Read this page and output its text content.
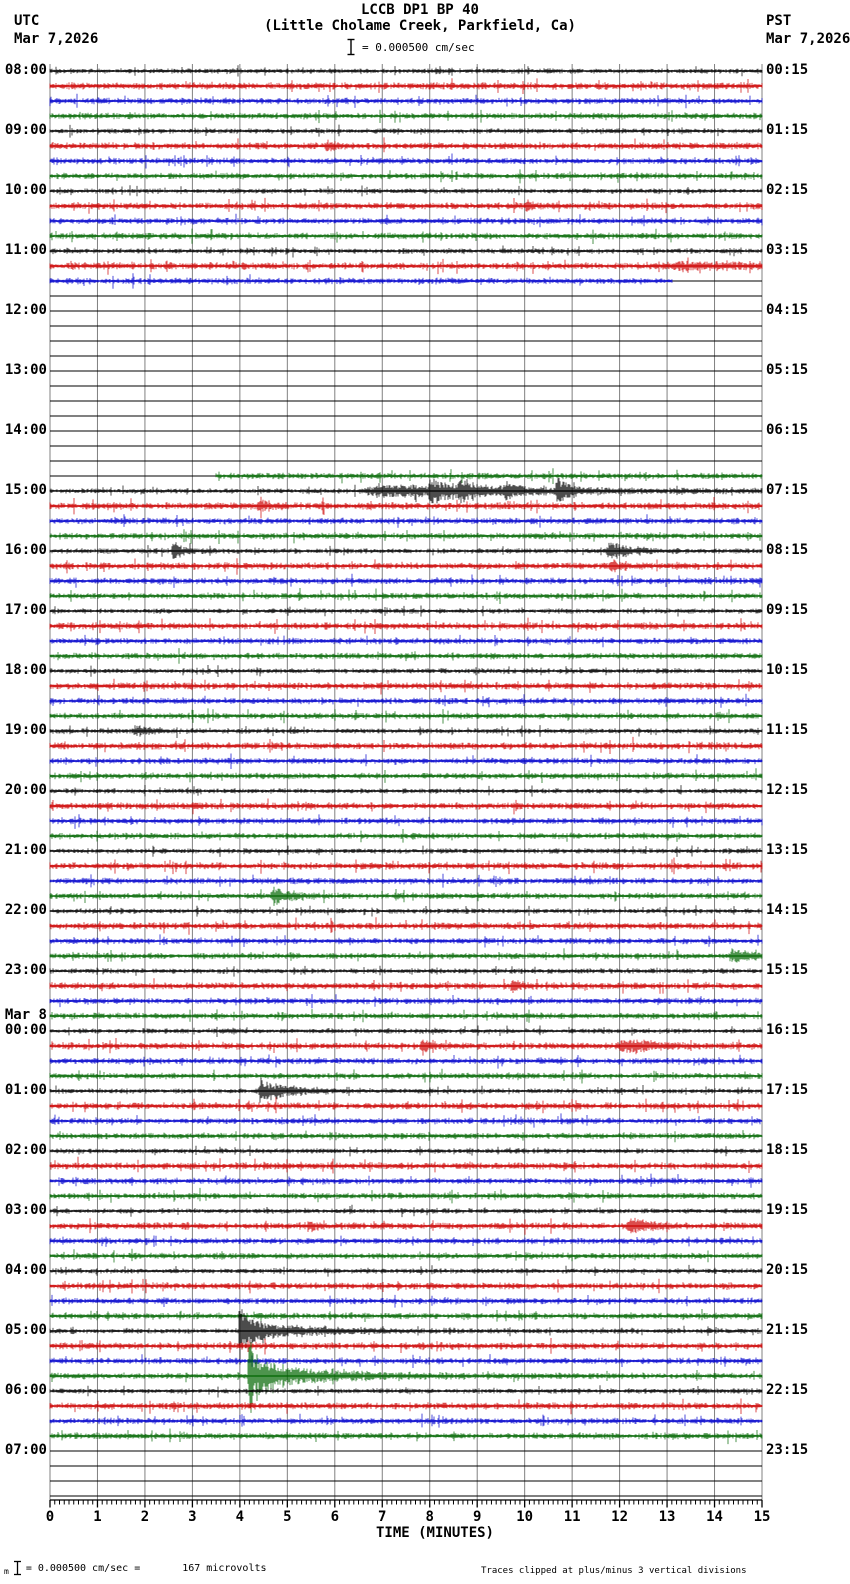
LCCB DP1 BP 40
(Little Cholame Creek, Parkfield, Ca)
= 0.000500 cm/sec
UTC
Mar 7,2026
PST
Mar 7,2026
0	1	2	3	4	5	6	7	8	9 10 11 12 13 14 15
TIME (MINUTES)
08:00	00:15
09:00	01:15
10:00	02:15
11:00	03:15
12:00	04:15
13:00	05:15
14:00	06:15
15:00	07:15
16:00	08:15
17:00	09:15
18:00	10:15
19:00	11:15
20:00	12:15
21:00	13:15
22:00	14:15
23:00	15:15
Mar 8
00:00	16:15
01:00	17:15
02:00	18:15
03:00	19:15
04:00	20:15
05:00	21:15
06:00	22:15
07:00	23:15
m = 0.000500 cm/sec =	167 microvolts	Traces clipped at plus/minus 3 vertical divisions
